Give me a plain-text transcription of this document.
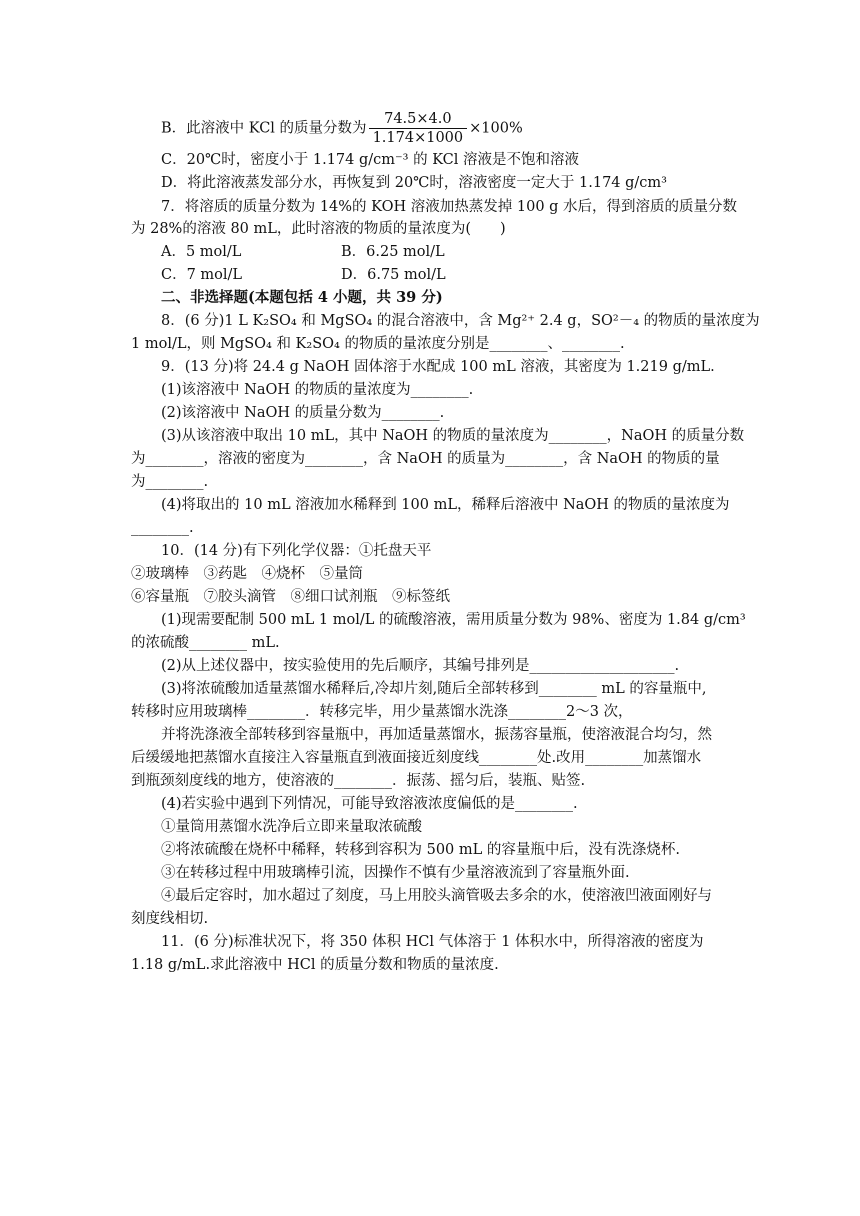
B．此溶液中 KCl 的质量分数为 $\frac{74.5\times 4.0}{1.174\times 1000} \times 100\%$
C．20℃时，密度小于 1.174 g/cm⁻³ 的 KCl 溶液是不饱和溶液
D．将此溶液蒸发部分水，再恢复到 20℃时，溶液密度一定大于 1.174 g/cm³
7．将溶质的质量分数为 14%的 KOH 溶液加热蒸发掉 100 g 水后，得到溶质的质量分数
为 28%的溶液 80 mL，此时溶液的物质的量浓度为(　　)
A．5 mol/L	B．6.25 mol/L
C．7 mol/L	D．6.75 mol/L
二、非选择题(本题包括 4 小题，共 39 分)
8．(6 分)1 L K₂SO₄ 和 MgSO₄ 的混合溶液中，含 Mg²⁺ 2.4 g，SO²－₄ 的物质的量浓度为
1 mol/L，则 MgSO₄ 和 K₂SO₄ 的物质的量浓度分别是________、________.
9．(13 分)将 24.4 g NaOH 固体溶于水配成 100 mL 溶液，其密度为 1.219 g/mL.
(1)该溶液中 NaOH 的物质的量浓度为________.
(2)该溶液中 NaOH 的质量分数为________.
(3)从该溶液中取出 10 mL，其中 NaOH 的物质的量浓度为________，NaOH 的质量分数
为________，溶液的密度为________，含 NaOH 的质量为________，含 NaOH 的物质的量
为________.
(4)将取出的 10 mL 溶液加水稀释到 100 mL，稀释后溶液中 NaOH 的物质的量浓度为
________.
10．(14 分)有下列化学仪器：①托盘天平
②玻璃棒　③药匙　④烧杯　⑤量筒
⑥容量瓶　⑦胶头滴管　⑧细口试剂瓶　⑨标签纸
(1)现需要配制 500 mL 1 mol/L 的硫酸溶液，需用质量分数为 98%、密度为 1.84 g/cm³
的浓硫酸________ mL.
(2)从上述仪器中，按实验使用的先后顺序，其编号排列是____________________.
(3)将浓硫酸加适量蒸馏水稀释后,冷却片刻,随后全部转移到________ mL 的容量瓶中,
转移时应用玻璃棒________．转移完毕，用少量蒸馏水洗涤________2～3 次，
并将洗涤液全部转移到容量瓶中，再加适量蒸馏水，振荡容量瓶，使溶液混合均匀，然
后缓缓地把蒸馏水直接注入容量瓶直到液面接近刻度线________处.改用________加蒸馏水
到瓶颈刻度线的地方，使溶液的________．振荡、摇匀后，装瓶、贴签.
(4)若实验中遇到下列情况，可能导致溶液浓度偏低的是________.
①量筒用蒸馏水洗净后立即来量取浓硫酸
②将浓硫酸在烧杯中稀释，转移到容积为 500 mL 的容量瓶中后，没有洗涤烧杯.
③在转移过程中用玻璃棒引流，因操作不慎有少量溶液流到了容量瓶外面.
④最后定容时，加水超过了刻度，马上用胶头滴管吸去多余的水，使溶液凹液面刚好与
刻度线相切.
11．(6 分)标准状况下，将 350 体积 HCl 气体溶于 1 体积水中，所得溶液的密度为
1.18 g/mL.求此溶液中 HCl 的质量分数和物质的量浓度.
